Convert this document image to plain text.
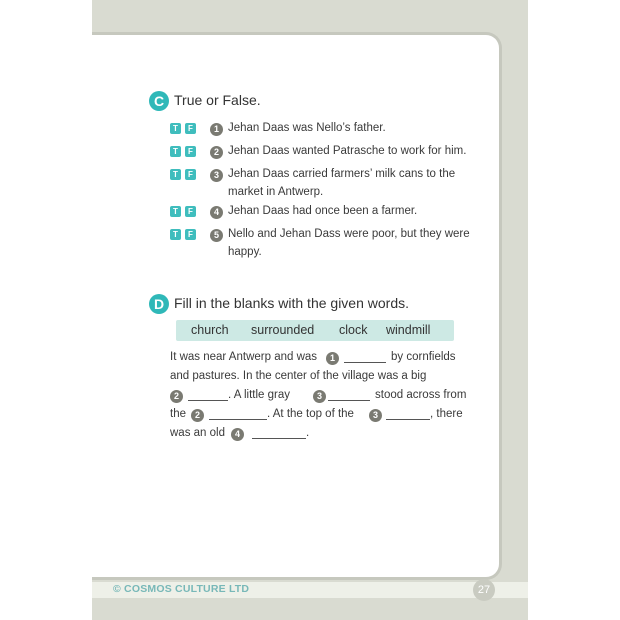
C True or False.
T	F	1 Jehan Daas was Nello’s father.
T	F	2 Jehan Daas wanted Patrasche to work for him.
T	F	3 Jehan Daas carried farmers’ milk cans to the
market in Antwerp.
T	F	4 Jehan Daas had once been a farmer.
T	F	5 Nello and Jehan Dass were poor, but they were
happy.
D Fill in the blanks with the given words.
church surrounded clock windmill
It was near Antwerp and was	1	by cornfields
and pastures. In the center of the village was a big
2	. A little gray	3	stood across from
the 2	. At the top of the	3	, there
was an old	4	.
© COSMOS CULTURE LTD	27
